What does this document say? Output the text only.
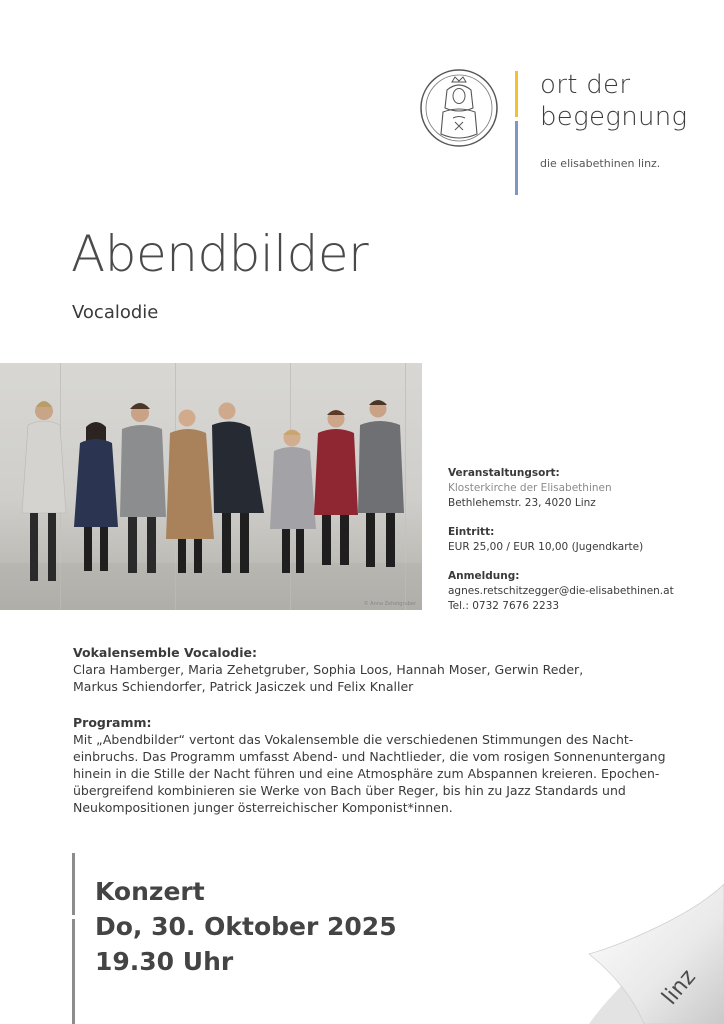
ort der
begegnung
die elisabethinen linz.
Abendbilder
Vocalodie
© Anna Zehetgruber
Veranstaltungsort:
Klosterkirche der Elisabethinen
Bethlehemstr. 23, 4020 Linz
Eintritt:
EUR 25,00 / EUR 10,00 (Jugendkarte)
Anmeldung:
agnes.retschitzegger@die-elisabethinen.at
Tel.: 0732 7676 2233
Vokalensemble Vocalodie:
Clara Hamberger, Maria Zehetgruber, Sophia Loos, Hannah Moser, Gerwin Reder,
Markus Schiendorfer, Patrick Jasiczek und Felix Knaller
Programm:
Mit „Abendbilder“ vertont das Vokalensemble die verschiedenen Stimmungen des Nacht-
einbruchs. Das Programm umfasst Abend- und Nachtlieder, die vom rosigen Sonnenuntergang
hinein in die Stille der Nacht führen und eine Atmosphäre zum Abspannen kreieren. Epochen-
übergreifend kombinieren sie Werke von Bach über Reger, bis hin zu Jazz Standards und
Neukompositionen junger österreichischer Komponist*innen.
Konzert
Do, 30. Oktober 2025
19.30 Uhr
linz
